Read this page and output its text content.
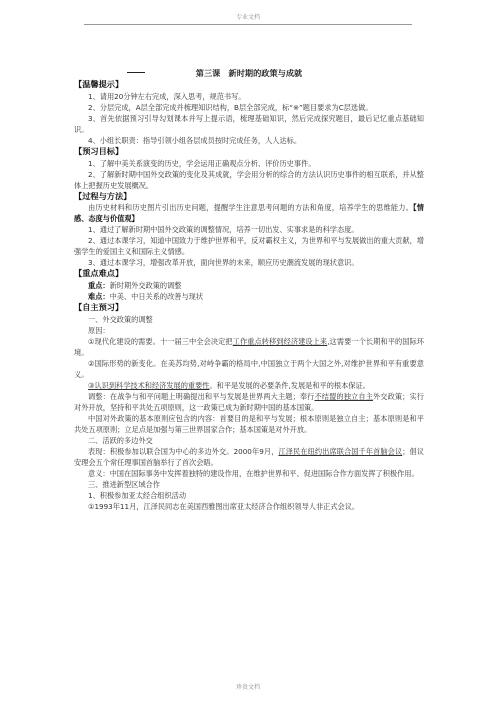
专业文档
第三课　新时期的政策与成就
【温馨提示】

1、请用20分钟左右完成，深入思考，规范书写。

2、分层完成，A层全部完成并梳理知识结构，B层全部完成，标“※”题目要求为C层选做。

3、首先依据预习引导勾划课本并写上提示语，梳理基础知识，然后完成探究题目，最后记忆重点基础知识。

4、小组长职责：指导引领小组各层成员按时完成任务，人人达标。

【预习目标】

1、了解中美关系演变的历史，学会运用正确观点分析、评价历史事件。

2、了解新时期中国外交政策的变化及其成就，学会用分析的综合的方法认识历史事件的相互联系，并从整体上把握历史发展概况。

【过程与方法】

由历史材料和历史图片引出历史问题，提醒学生注意思考问题的方法和角度，培养学生的思维能力。【情感、态度与价值观】

1、通过了解新时期中国外交政策的调整情况，培养一切出发、实事求是的科学态度。

2、通过本课学习，知道中国致力于维护世界和平，反对霸权主义，为世界和平与发展做出的重大贡献，增强学生的爱国主义和国际主义情感。

3、通过本课学习，增强改革开放，面向世界的未来，顺应历史潮流发展的现状意识。

【重点难点】

重点：新时期外交政策的调整

难点：中美、中日关系的改善与现状

【自主预习】

一、外交政策的调整

原因：

①现代化建设的需要。十一届三中全会决定把工作重点转移到经济建设上来,这需要一个长期和平的国际环境。

②国际形势的新变化。在美苏均势,对峙争霸的格局中,中国独立于两个大国之外,对维护世界和平有重要意义。

③认识到科学技术和经济发展的重要性。和平是发展的必要条件,发展是和平的根本保证。

调整：在战争与和平问题上明确提出和平与发展是世界两大主题；奉行不结盟的独立自主外交政策；实行对外开放，坚持和平共处五项原则，这一政策已成为新时期中国的基本国策。

中国对外政策的基本原则应包含的内容：首要目的是和平与发展；根本原则是独立自主；基本原则是和平共处五项原则；立足点是加强与第三世界国家合作；基本国策是对外开放。

二、活跃的多边外交

表现：积极参加以联合国为中心的多边外交。2000年9月，江泽民在纽约出席联合国千年首脑会议；倡议安理会五个常任理事国首脑举行了首次会晤。

意义：中国在国际事务中发挥着独特的建设作用，在维护世界和平、促进国际合作方面发挥了积极作用。

三、推进新型区域合作

1、积极参加亚太经合组织活动

①1993年11月，江泽民同志在美国西雅图出席亚太经济合作组织领导人非正式会议。

珍贵文档
